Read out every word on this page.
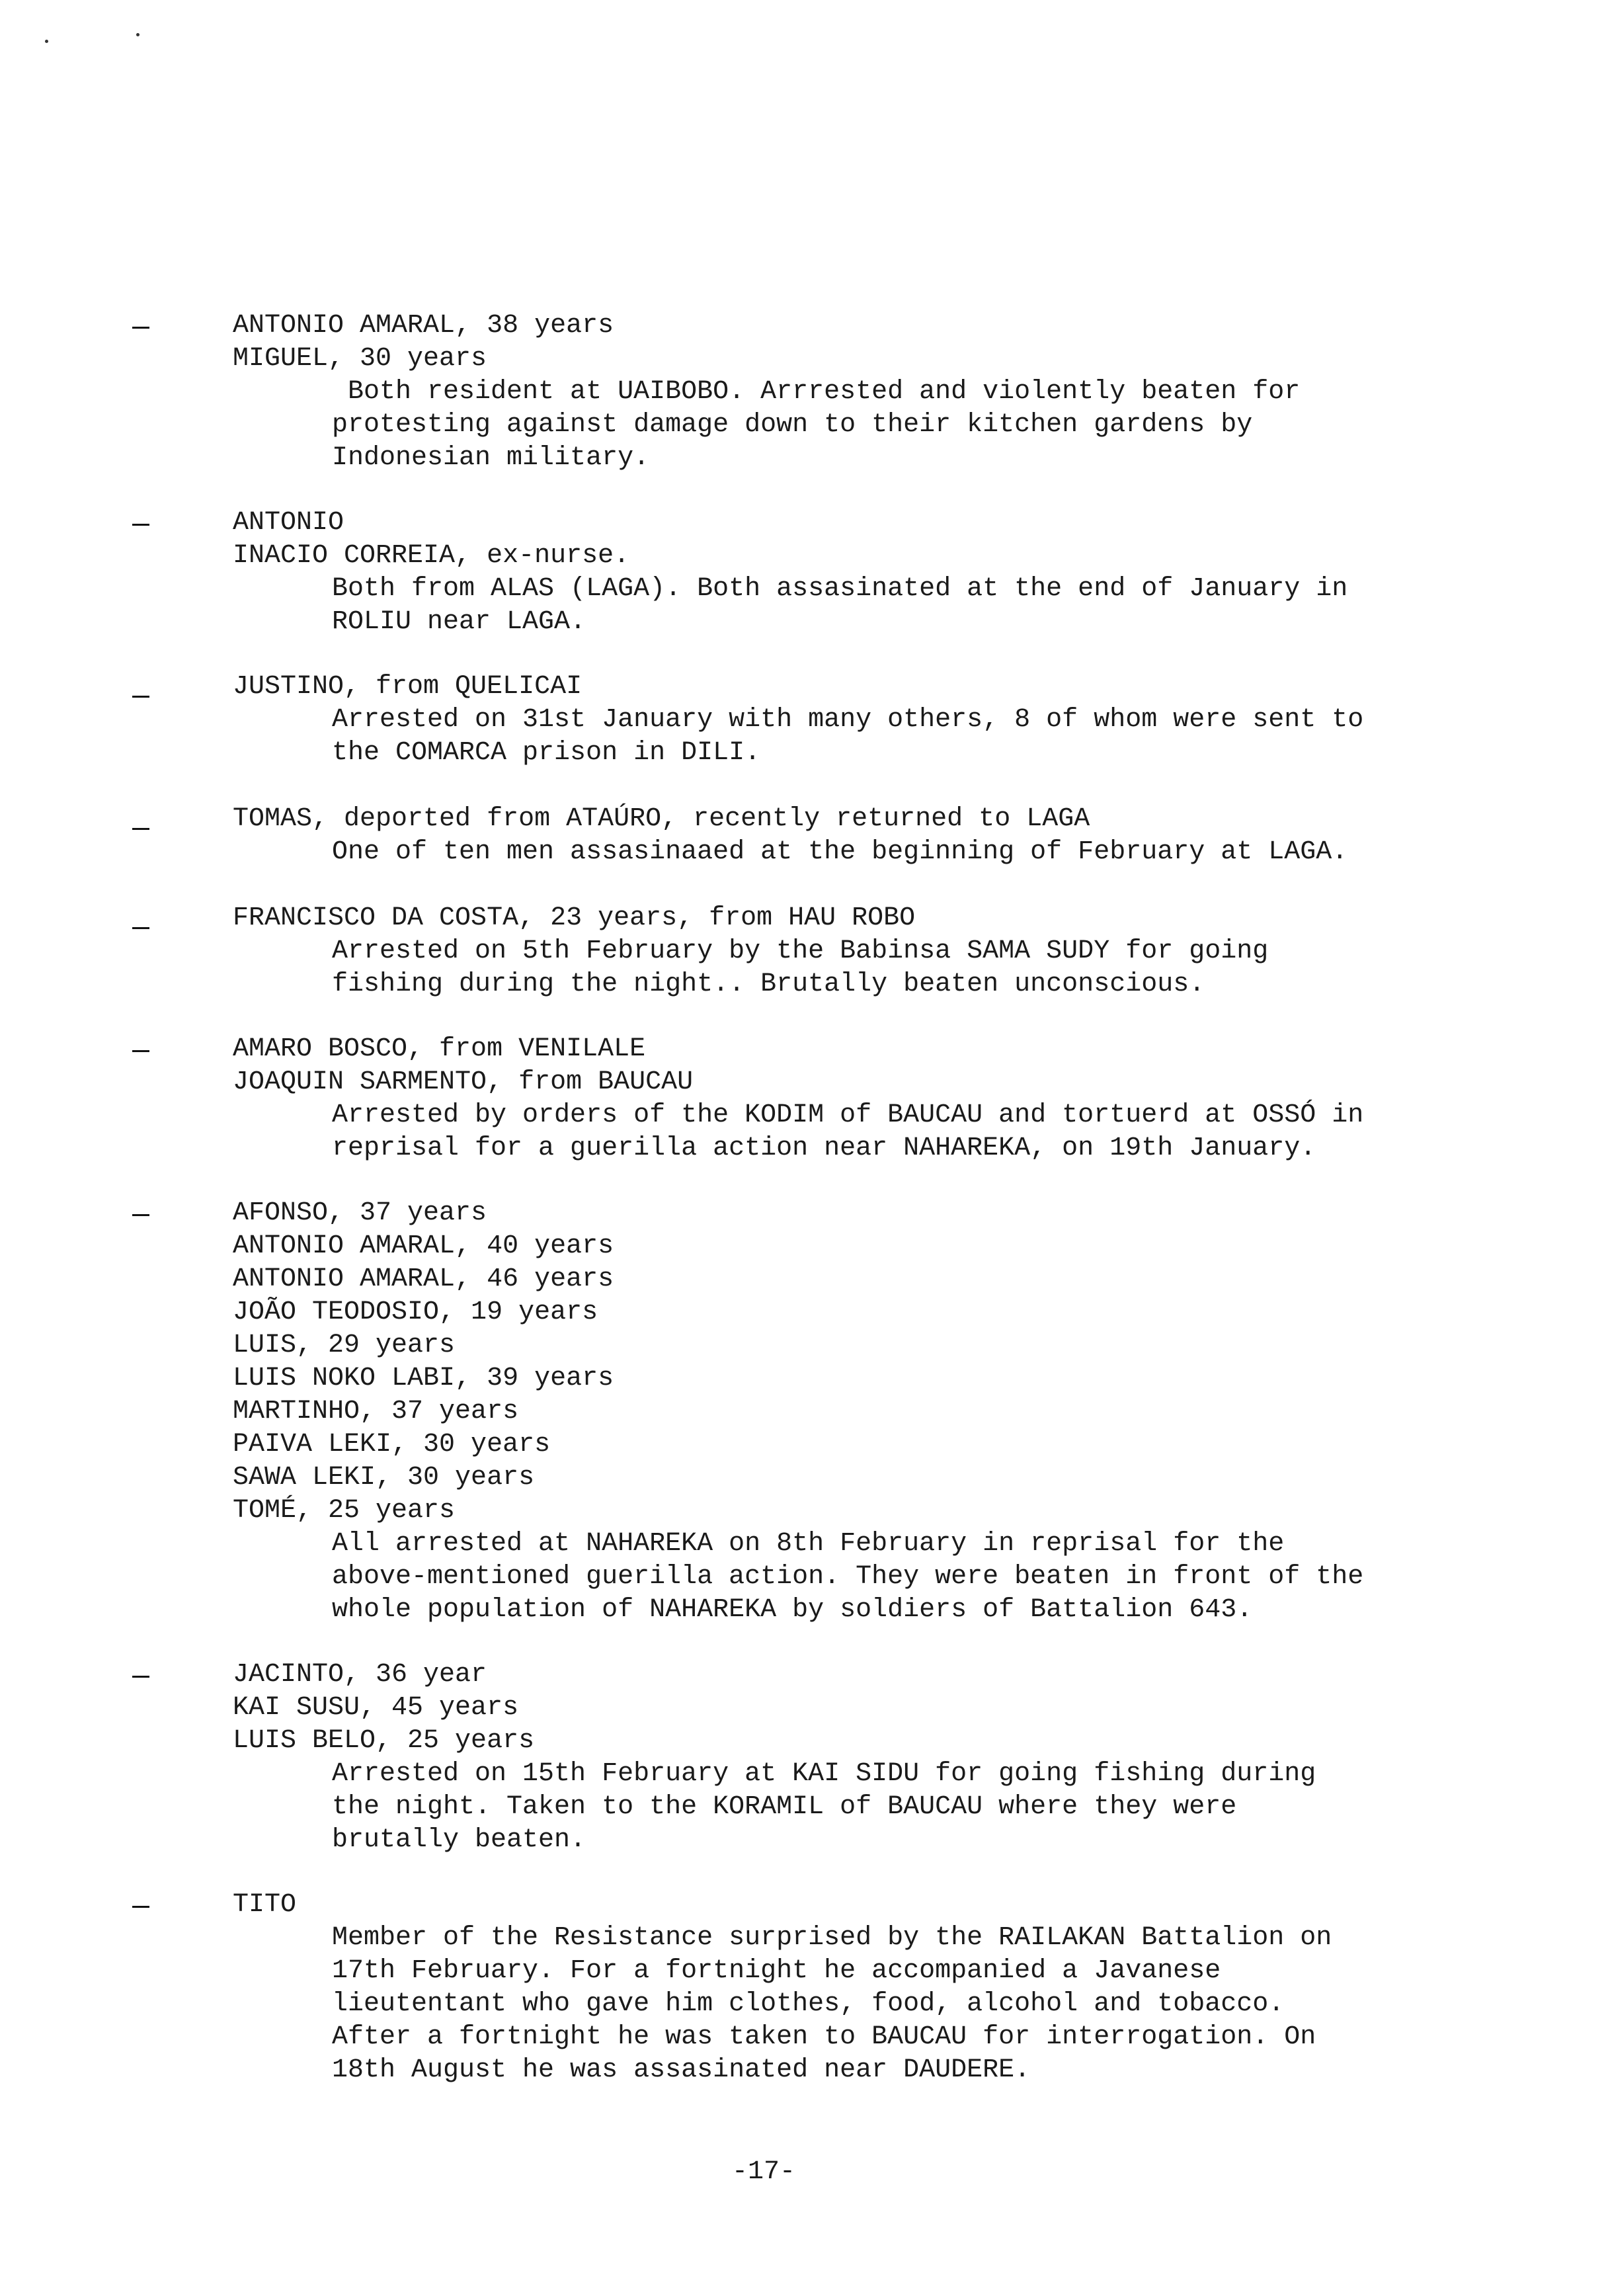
ANTONIO AMARAL, 38 years
MIGUEL, 30 years
Both resident at UAIBOBO. Arrrested and violently beaten for
protesting against damage down to their kitchen gardens by
Indonesian military.
ANTONIO
INACIO CORREIA, ex-nurse.
Both from ALAS (LAGA). Both assasinated at the end of January in
ROLIU near LAGA.
JUSTINO, from QUELICAI
Arrested on 31st January with many others, 8 of whom were sent to
the COMARCA prison in DILI.
TOMAS, deported from ATAÚRO, recently returned to LAGA
One of ten men assasinaaed at the beginning of February at LAGA.
FRANCISCO DA COSTA, 23 years, from HAU ROBO
Arrested on 5th February by the Babinsa SAMA SUDY for going
fishing during the night.. Brutally beaten unconscious.
AMARO BOSCO, from VENILALE
JOAQUIN SARMENTO, from BAUCAU
Arrested by orders of the KODIM of BAUCAU and tortuerd at OSSÓ in
reprisal for a guerilla action near NAHAREKA, on 19th January.
AFONSO, 37 years
ANTONIO AMARAL, 40 years
ANTONIO AMARAL, 46 years
JOÃO TEODOSIO, 19 years
LUIS, 29 years
LUIS NOKO LABI, 39 years
MARTINHO, 37 years
PAIVA LEKI, 30 years
SAWA LEKI, 30 years
TOMÉ, 25 years
All arrested at NAHAREKA on 8th February in reprisal for the
above-mentioned guerilla action. They were beaten in front of the
whole population of NAHAREKA by soldiers of Battalion 643.
JACINTO, 36 year
KAI SUSU, 45 years
LUIS BELO, 25 years
Arrested on 15th February at KAI SIDU for going fishing during
the night. Taken to the KORAMIL of BAUCAU where they were
brutally beaten.
TITO
Member of the Resistance surprised by the RAILAKAN Battalion on
17th February. For a fortnight he accompanied a Javanese
lieutentant who gave him clothes, food, alcohol and tobacco.
After a fortnight he was taken to BAUCAU for interrogation. On
18th August he was assasinated near DAUDERE.
-17-
